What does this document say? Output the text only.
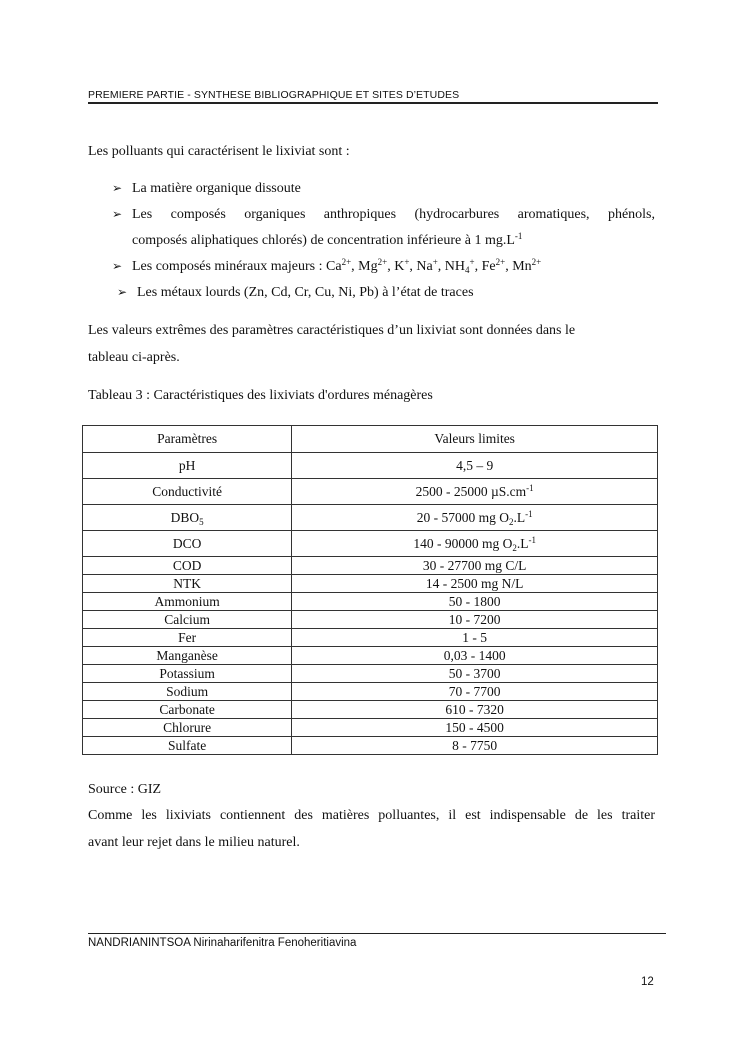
PREMIERE PARTIE - SYNTHESE BIBLIOGRAPHIQUE ET SITES D’ETUDES
Les polluants qui caractérisent le lixiviat sont :
➢ La matière organique dissoute
➢ Les composés organiques anthropiques (hydrocarbures aromatiques, phénols,
composés aliphatiques chlorés) de concentration inférieure à 1 $mg.L^{-1}$
➢ Les composés minéraux majeurs : $Ca^{2+}$, $Mg^{2+}$, K+, Na+, $NH_4^+$, $Fe^{2+}$, $Mn^{2+}$
➢ Les métaux lourds (Zn, Cd, Cr, Cu, Ni, Pb) à l’état de traces
Les valeurs extrêmes des paramètres caractéristiques d’un lixiviat sont données dans le
tableau ci-après.
Tableau 3 : Caractéristiques des lixiviats d'ordures ménagères
Paramètres	Valeurs limites
pH	4,5 – 9
Conductivité	2500 - 25000 $\mu S.cm^{-1}$
$DBO_5$	20 - 57000 mg $O_2.L^{-1}$
DCO	140 - 90000 mg $O_2.L^{-1}$
COD	30 - 27700 mg C/L
NTK	14 - 2500 mg N/L
Ammonium	50 - 1800
Calcium	10 - 7200
Fer	1 - 5
Manganèse	0,03 - 1400
Potassium	50 - 3700
Sodium	70 - 7700
Carbonate	610 - 7320
Chlorure	150 - 4500
Sulfate	8 - 7750
Source : GIZ
Comme les lixiviats contiennent des matières polluantes, il est indispensable de les traiter
avant leur rejet dans le milieu naturel.
NANDRIANINTSOA Nirinaharifenitra Fenoheritiavina
12
